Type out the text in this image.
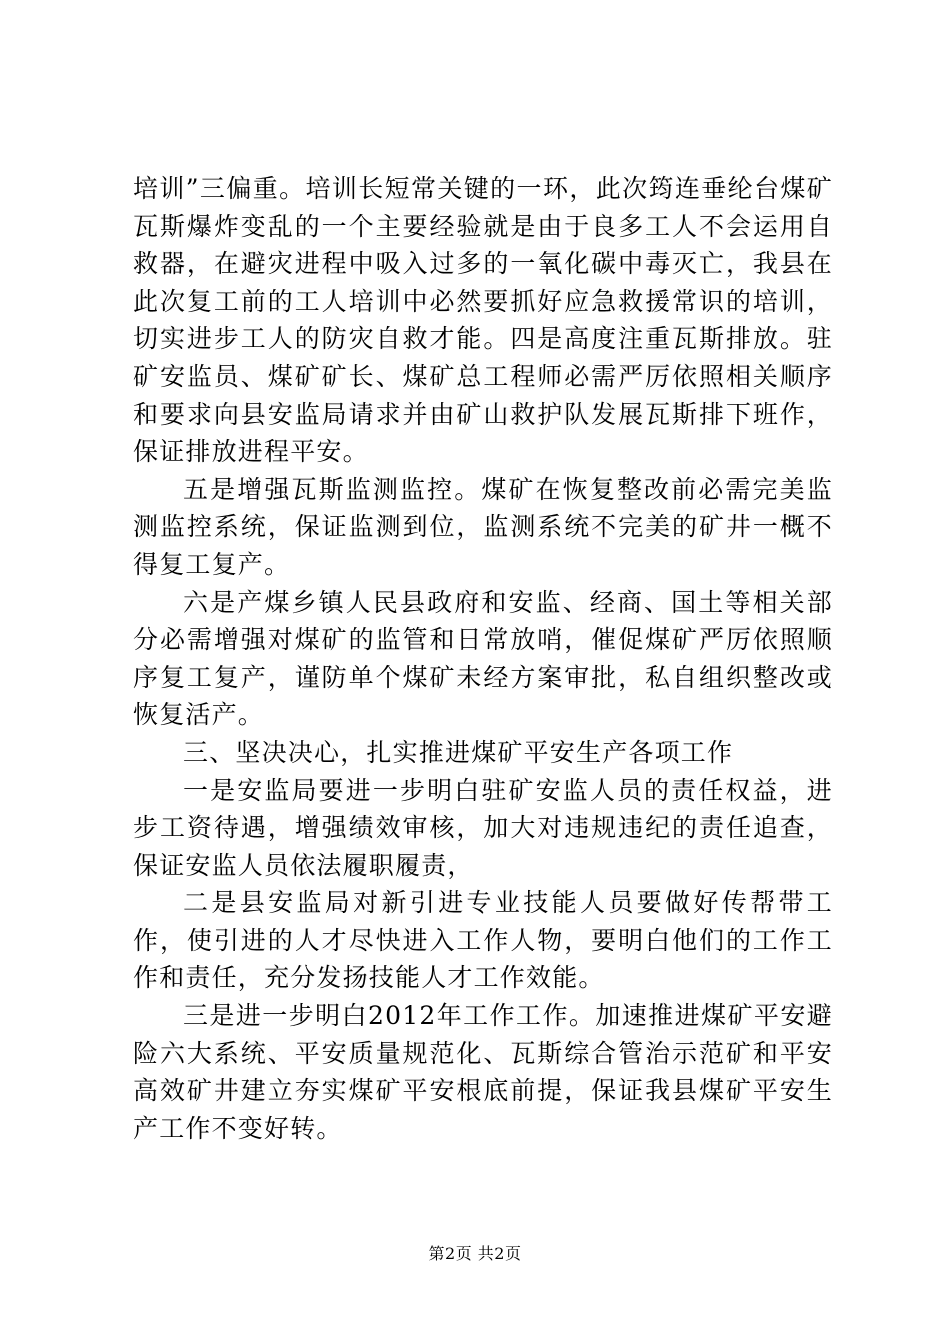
培训”三偏重。培训长短常关键的一环，此次筠连垂纶台煤矿瓦斯爆炸变乱的一个主要经验就是由于良多工人不会运用自救器，在避灾进程中吸入过多的一氧化碳中毒灭亡，我县在此次复工前的工人培训中必然要抓好应急救援常识的培训，切实进步工人的防灾自救才能。四是高度注重瓦斯排放。驻矿安监员、煤矿矿长、煤矿总工程师必需严厉依照相关顺序和要求向县安监局请求并由矿山救护队发展瓦斯排下班作，保证排放进程平安。

五是增强瓦斯监测监控。煤矿在恢复整改前必需完美监测监控系统，保证监测到位，监测系统不完美的矿井一概不得复工复产。

六是产煤乡镇人民县政府和安监、经商、国土等相关部分必需增强对煤矿的监管和日常放哨，催促煤矿严厉依照顺序复工复产，谨防单个煤矿未经方案审批，私自组织整改或恢复活产。

三、坚决决心，扎实推进煤矿平安生产各项工作

一是安监局要进一步明白驻矿安监人员的责任权益，进步工资待遇，增强绩效审核，加大对违规违纪的责任追查，保证安监人员依法履职履责，

二是县安监局对新引进专业技能人员要做好传帮带工作，使引进的人才尽快进入工作人物，要明白他们的工作工作和责任，充分发扬技能人才工作效能。

三是进一步明白2012年工作工作。加速推进煤矿平安避险六大系统、平安质量规范化、瓦斯综合管治示范矿和平安高效矿井建立夯实煤矿平安根底前提，保证我县煤矿平安生产工作不变好转。

第2页 共2页
